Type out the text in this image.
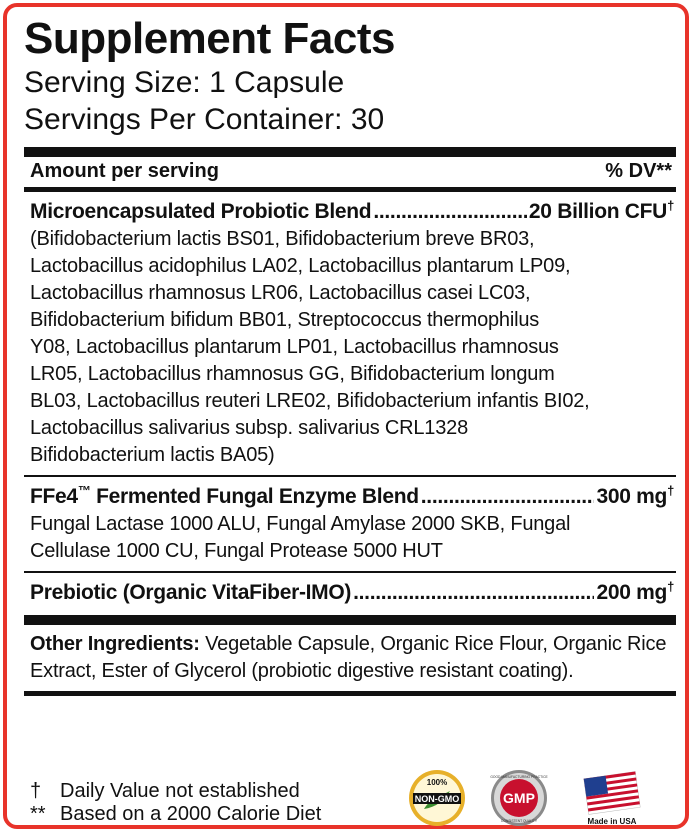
Supplement Facts
Serving Size: 1 Capsule
Servings Per Container: 30
Amount per serving	% DV**
Microencapsulated Probiotic Blend .....	20 Billion CFU†
(Bifidobacterium lactis BS01, Bifidobacterium breve BR03,
Lactobacillus acidophilus LA02, Lactobacillus plantarum LP09,
Lactobacillus rhamnosus LR06, Lactobacillus casei LC03,
Bifidobacterium bifidum BB01, Streptococcus thermophilus
Y08, Lactobacillus plantarum LP01, Lactobacillus rhamnosus
LR05, Lactobacillus rhamnosus GG, Bifidobacterium longum
BL03, Lactobacillus reuteri LRE02, Bifidobacterium infantis BI02,
Lactobacillus salivarius subsp. salivarius CRL1328
Bifidobacterium lactis BA05)
FFe4™ Fermented Fungal Enzyme Blend .....	300 mg†
Fungal Lactase 1000 ALU, Fungal Amylase 2000 SKB, Fungal
Cellulase 1000 CU, Fungal Protease 5000 HUT
Prebiotic (Organic VitaFiber-IMO) .....	200 mg†
Other Ingredients: Vegetable Capsule, Organic Rice Flour, Organic Rice Extract, Ester of Glycerol (probiotic digestive resistant coating).
† Daily Value not established
** Based on a 2000 Calorie Diet
100%
NON-GMO	GMP
GOOD MANUFACTURING PRACTICE
CONSISTENT QUALITY	Made in USA
